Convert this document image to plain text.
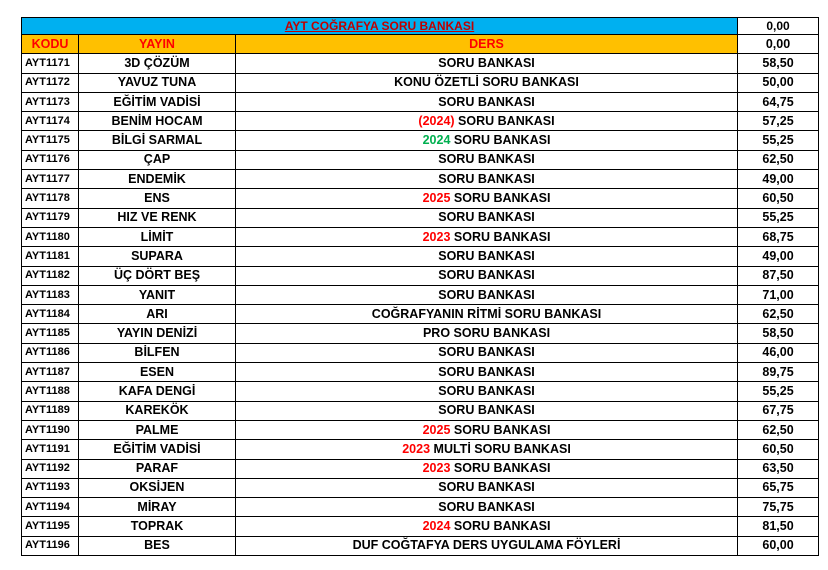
AYT COĞRAFYA SORU BANKASI			0,00
KODU	YAYIN	DERS	0,00
AYT1171	3D ÇÖZÜM	SORU BANKASI	58,50
AYT1172	YAVUZ TUNA	KONU ÖZETLİ SORU BANKASI	50,00
AYT1173	EĞİTİM VADİSİ	SORU BANKASI	64,75
AYT1174	BENİM HOCAM	(2024) SORU BANKASI	57,25
AYT1175	BİLGİ SARMAL	2024 SORU BANKASI	55,25
AYT1176	ÇAP	SORU BANKASI	62,50
AYT1177	ENDEMİK	SORU BANKASI	49,00
AYT1178	ENS	2025 SORU BANKASI	60,50
AYT1179	HIZ VE RENK	SORU BANKASI	55,25
AYT1180	LİMİT	2023 SORU BANKASI	68,75
AYT1181	SUPARA	SORU BANKASI	49,00
AYT1182	ÜÇ DÖRT BEŞ	SORU BANKASI	87,50
AYT1183	YANIT	SORU BANKASI	71,00
AYT1184	ARI	COĞRAFYANIN RİTMİ SORU BANKASI	62,50
AYT1185	YAYIN DENİZİ	PRO SORU BANKASI	58,50
AYT1186	BİLFEN	SORU BANKASI	46,00
AYT1187	ESEN	SORU BANKASI	89,75
AYT1188	KAFA DENGİ	SORU BANKASI	55,25
AYT1189	KAREKÖK	SORU BANKASI	67,75
AYT1190	PALME	2025 SORU BANKASI	62,50
AYT1191	EĞİTİM VADİSİ	2023 MULTİ SORU BANKASI	60,50
AYT1192	PARAF	2023 SORU BANKASI	63,50
AYT1193	OKSİJEN	SORU BANKASI	65,75
AYT1194	MİRAY	SORU BANKASI	75,75
AYT1195	TOPRAK	2024 SORU BANKASI	81,50
AYT1196	BES	DUF COĞTAFYA DERS UYGULAMA FÖYLERİ	60,00
